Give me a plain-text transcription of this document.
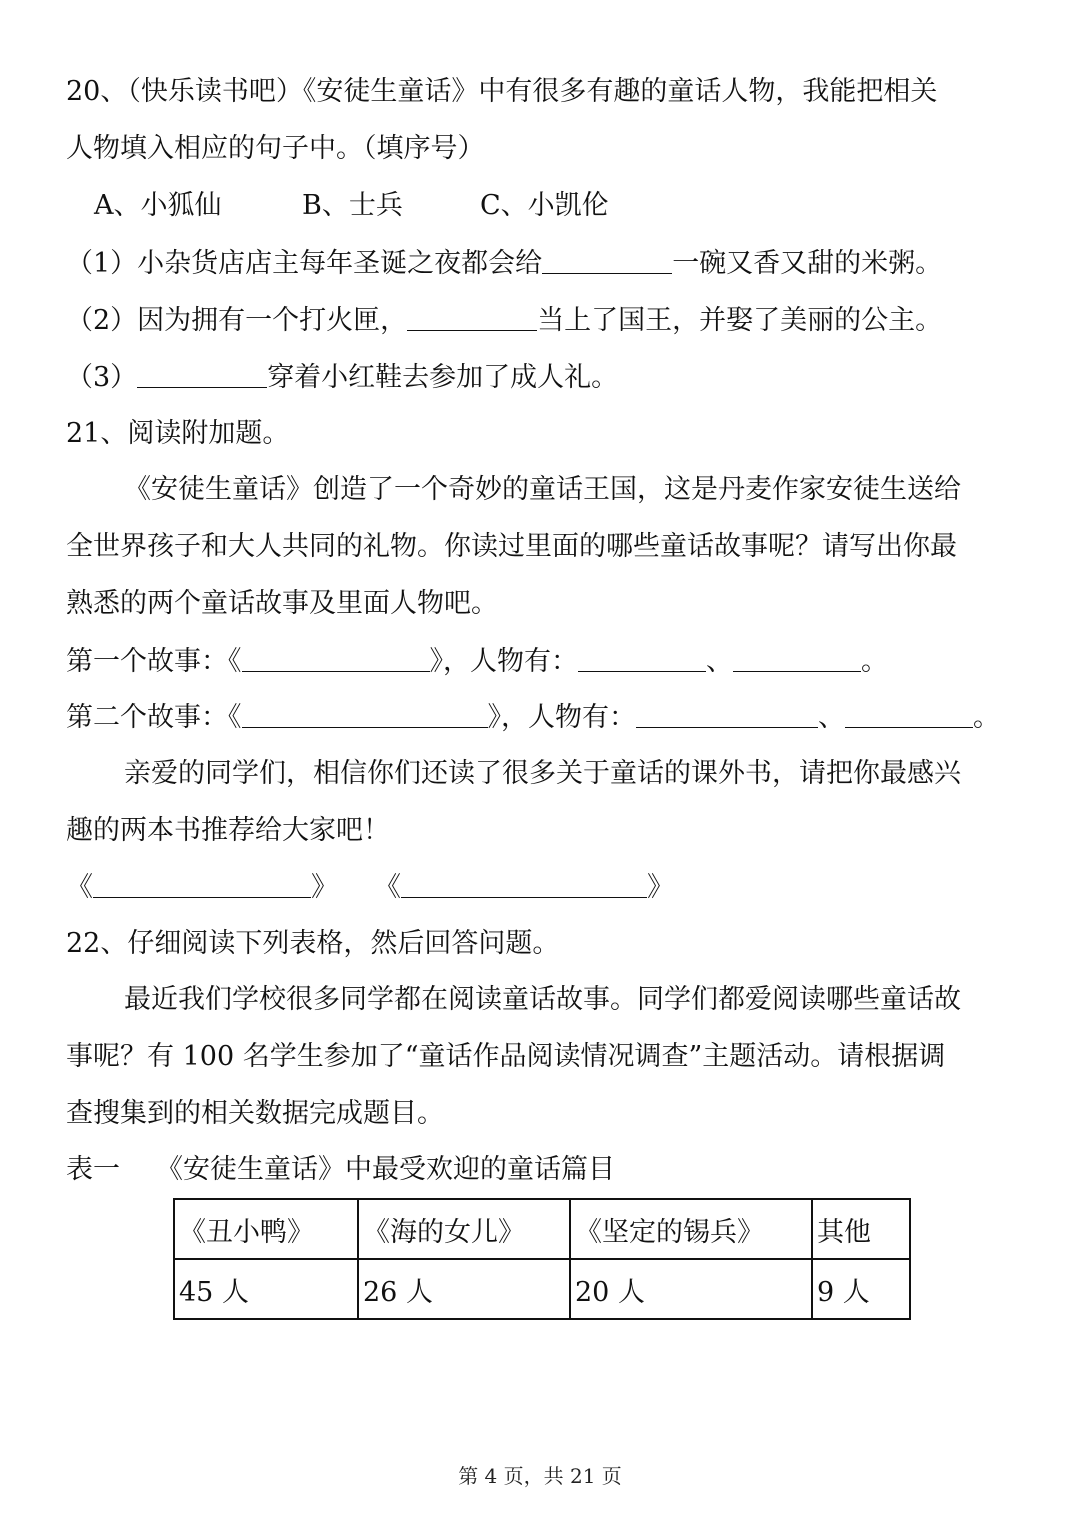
20、（快乐读书吧）《安徒生童话》中有很多有趣的童话人物，我能把相关
人物填入相应的句子中。（填序号）
A、小狐仙	B、士兵	C、小凯伦
（1）小杂货店店主每年圣诞之夜都会给	一碗又香又甜的米粥。
（2）因为拥有一个打火匣，	当上了国王，并娶了美丽的公主。
（3）	穿着小红鞋去参加了成人礼。
21、阅读附加题。
《安徒生童话》创造了一个奇妙的童话王国，这是丹麦作家安徒生送给
全世界孩子和大人共同的礼物。你读过里面的哪些童话故事呢？请写出你最
熟悉的两个童话故事及里面人物吧。
第一个故事：《	》，人物有：	、	。
第二个故事：《	》，人物有：	、	。
亲爱的同学们，相信你们还读了很多关于童话的课外书，请把你最感兴
趣的两本书推荐给大家吧！
《	》 《	》
22、仔细阅读下列表格，然后回答问题。
最近我们学校很多同学都在阅读童话故事。同学们都爱阅读哪些童话故
事呢？有 100 名学生参加了“童话作品阅读情况调查”主题活动。请根据调
查搜集到的相关数据完成题目。
表一 《安徒生童话》中最受欢迎的童话篇目
《丑小鸭》	《海的女儿》	《坚定的锡兵》	其他
45 人	26 人	20 人	9 人
第 4 页，共 21 页
